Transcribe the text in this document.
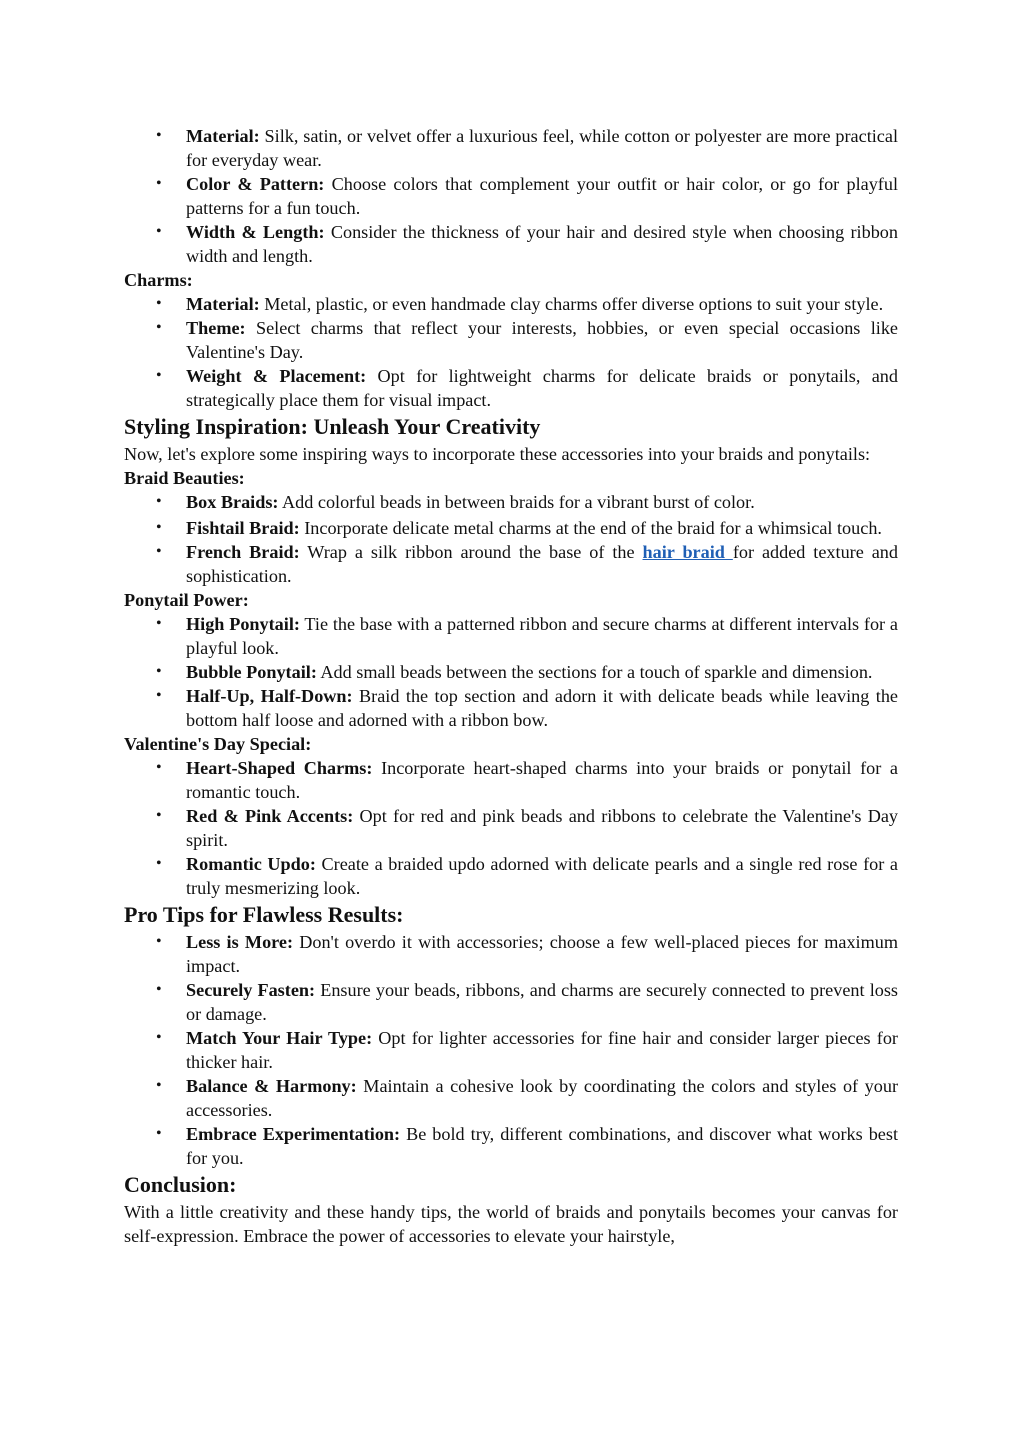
• Material: Silk, satin, or velvet offer a luxurious feel, while cotton or polyester are more practical for everyday wear.
• Color & Pattern: Choose colors that complement your outfit or hair color, or go for playful patterns for a fun touch.
• Width & Length: Consider the thickness of your hair and desired style when choosing ribbon width and length.

Charms:

• Material: Metal, plastic, or even handmade clay charms offer diverse options to suit your style.
• Theme: Select charms that reflect your interests, hobbies, or even special occasions like Valentine's Day.
• Weight & Placement: Opt for lightweight charms for delicate braids or ponytails, and strategically place them for visual impact.

Styling Inspiration: Unleash Your Creativity

Now, let's explore some inspiring ways to incorporate these accessories into your braids and ponytails:

Braid Beauties:

• Box Braids: Add colorful beads in between braids for a vibrant burst of color.
• Fishtail Braid: Incorporate delicate metal charms at the end of the braid for a whimsical touch.
• French Braid: Wrap a silk ribbon around the base of the hair braid for added texture and sophistication.

Ponytail Power:

• High Ponytail: Tie the base with a patterned ribbon and secure charms at different intervals for a playful look.
• Bubble Ponytail: Add small beads between the sections for a touch of sparkle and dimension.
• Half-Up, Half-Down: Braid the top section and adorn it with delicate beads while leaving the bottom half loose and adorned with a ribbon bow.

Valentine's Day Special:

• Heart-Shaped Charms: Incorporate heart-shaped charms into your braids or ponytail for a romantic touch.
• Red & Pink Accents: Opt for red and pink beads and ribbons to celebrate the Valentine's Day spirit.
• Romantic Updo: Create a braided updo adorned with delicate pearls and a single red rose for a truly mesmerizing look.

Pro Tips for Flawless Results:

• Less is More: Don't overdo it with accessories; choose a few well-placed pieces for maximum impact.
• Securely Fasten: Ensure your beads, ribbons, and charms are securely connected to prevent loss or damage.
• Match Your Hair Type: Opt for lighter accessories for fine hair and consider larger pieces for thicker hair.
• Balance & Harmony: Maintain a cohesive look by coordinating the colors and styles of your accessories.
• Embrace Experimentation: Be bold try, different combinations, and discover what works best for you.

Conclusion:

With a little creativity and these handy tips, the world of braids and ponytails becomes your canvas for self-expression. Embrace the power of accessories to elevate your hairstyle,
